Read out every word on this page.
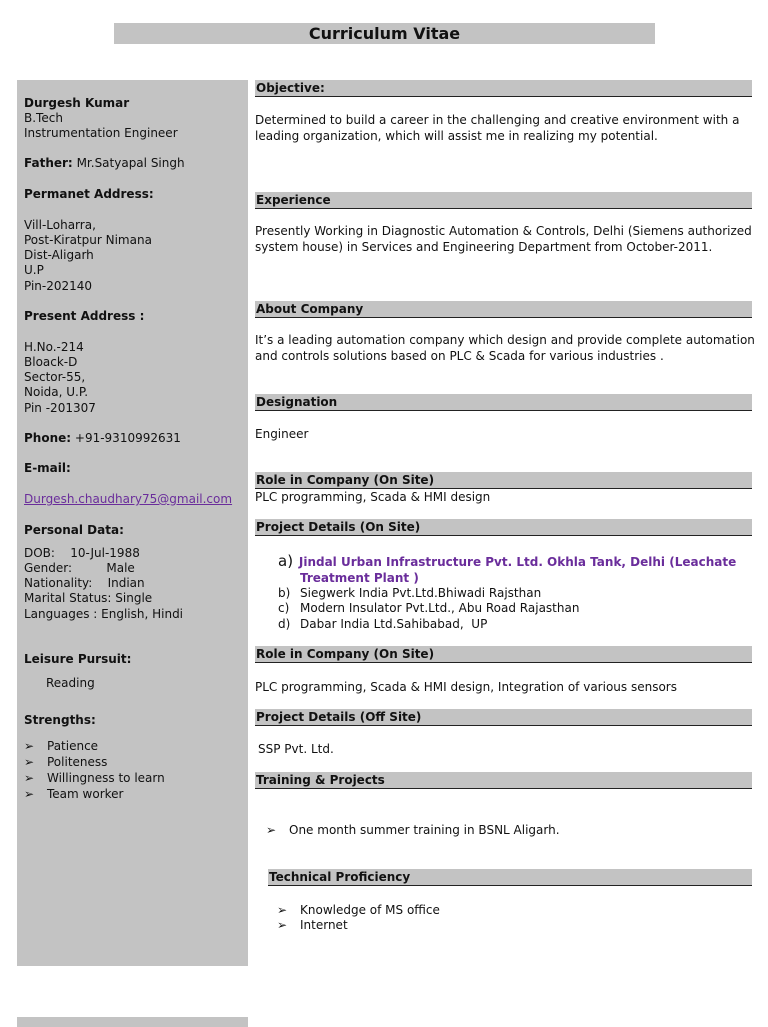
Curriculum Vitae
Durgesh Kumar
B.Tech
Instrumentation Engineer
Father: Mr.Satyapal Singh
Permanet Address:
Vill-Loharra,
Post-Kiratpur Nimana
Dist-Aligarh
U.P
Pin-202140
Present Address :
H.No.-214
Bloack-D
Sector-55,
Noida, U.P.
Pin -201307
Phone: +91-9310992631
E-mail:
Durgesh.chaudhary75@gmail.com
Personal Data:
DOB:    10-Jul-1988
Gender:         Male
Nationality:    Indian
Marital Status: Single
Languages : English, Hindi
Leisure Pursuit:
Reading
Strengths:
➢ Patience
➢ Politeness
➢ Willingness to learn
➢ Team worker
Objective:
Determined to build a career in the challenging and creative environment with a leading organization, which will assist me in realizing my potential.
Experience
Presently Working in Diagnostic Automation & Controls, Delhi (Siemens authorized system house) in Services and Engineering Department from October-2011.
About Company
It’s a leading automation company which design and provide complete automation and controls solutions based on PLC & Scada for various industries .
Designation
Engineer
Role in Company (On Site)
PLC programming, Scada & HMI design
Project Details (On Site)
a) Jindal Urban Infrastructure Pvt. Ltd. Okhla Tank, Delhi (Leachate
Treatment Plant )
b) Siegwerk India Pvt.Ltd.Bhiwadi Rajsthan
c) Modern Insulator Pvt.Ltd., Abu Road Rajasthan
d) Dabar India Ltd.Sahibabad,  UP
Role in Company (On Site)
PLC programming, Scada & HMI design, Integration of various sensors
Project Details (Off Site)
SSP Pvt. Ltd.
Training & Projects
➢ One month summer training in BSNL Aligarh.
Technical Proficiency
➢ Knowledge of MS office
➢ Internet
